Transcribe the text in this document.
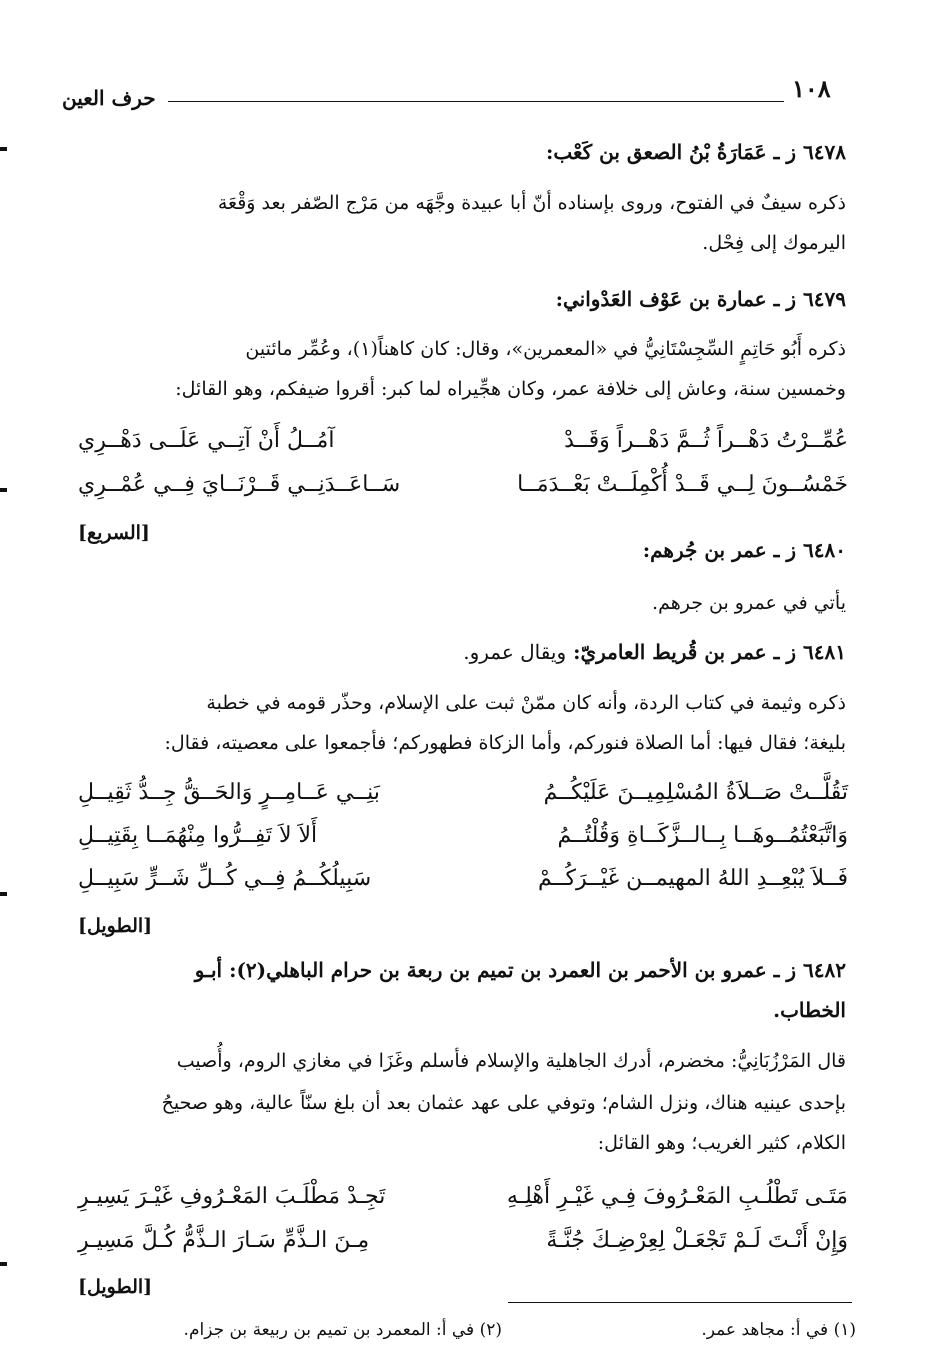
١٠٨
حرف العين
٦٤٧٨ ز ـ عَمَارَةُ بْنُ الصعق بن كَعْب:
ذكره سيفٌ في الفتوح، وروى بإسناده أنّ أبا عبيدة وجَّهَه من مَرْج الصّفر بعد وَقْعَة
اليرموك إلى فِحْل.
٦٤٧٩ ز ـ عمارة بن عَوْف العَدْواني:
ذكره أَبُو حَاتِمٍ السِّجِسْتَانِيُّ في «المعمرين»، وقال: كان كاهناً(١)، وعُمِّر مائتين
وخمسين سنة، وعاش إلى خلافة عمر، وكان هجِّيراه لما كبر: أقروا ضيفكم، وهو القائل:
عُمِّــرْتُ دَهْــراً ثُــمَّ دَهْــراً وَقَــدْ
آمُــلُ أَنْ آتِــي عَلَــى دَهْــرِي
خَمْسُــونَ لِــي قَــدْ أُكْمِلَــتْ بَعْــدَمَــا
سَــاعَــدَنِــي قَــرْنَــايَ فِــي عُمْــرِي
[السريع]
٦٤٨٠ ز ـ عمر بن جُرهم:
يأتي في عمرو بن جرهم.
٦٤٨١ ز ـ عمر بن قُريط العامريّ: ويقال عمرو.
ذكره وثيمة في كتاب الردة، وأنه كان ممّنْ ثبت على الإسلام، وحذّر قومه في خطبة
بليغة؛ فقال فيها: أما الصلاة فنوركم، وأما الزكاة فطهوركم؛ فأجمعوا على معصيته، فقال:
تَقُلَّــتْ صَــلاَةُ المُسْلِمِيــنَ عَلَيْكُــمُ
بَنِــي عَــامِــرٍ وَالحَــقُّ جِــدُّ ثَقِيــلِ
وَاتَّبَعْتُمُــوهَــا بِــالــزَّكَــاةِ وَقُلْتُــمُ
أَلاَ لاَ تَفِــرُّوا مِنْهُمَــا بِقَتِيــلِ
فَــلاَ يُبْعِــدِ اللهُ المهيمــن غَيْــرَكُــمْ
سَبِيلُكُــمُ فِــي كُــلِّ شَــرٍّ سَبِيــلِ
[الطويل]
٦٤٨٢ ز ـ عمرو بن الأحمر بن العمرد بن تميم بن ربعة بن حرام الباهلي(٢): أبـو
الخطاب.
قال المَرْزُبَانِيُّ: مخضرم، أدرك الجاهلية والإسلام فأسلم وغَزَا في مغازي الروم، وأُصيب
بإحدى عينيه هناك، ونزل الشام؛ وتوفي على عهد عثمان بعد أن بلغ سنّاً عالية، وهو صحيحُ
الكلام، كثير الغريب؛ وهو القائل:
مَتَـى تَطْلُـبِ المَعْـرُوفَ فِـي غَيْـرِ أَهْلِـهِ
تَجِـدْ مَطْلَـبَ المَعْـرُوفِ غَيْـرَ يَسِيـرِ
وَإِنْ أَنْـتَ لَـمْ تَجْعَـلْ لِعِرْضِـكَ جُنَّـةً
مِـنَ الـذَّمِّ سَـارَ الـذَّمُّ كُـلَّ مَسِيـرِ
[الطويل]
(١) في أ: مجاهد عمر.
(٢) في أ: المعمرد بن تميم بن ربيعة بن جزام.
